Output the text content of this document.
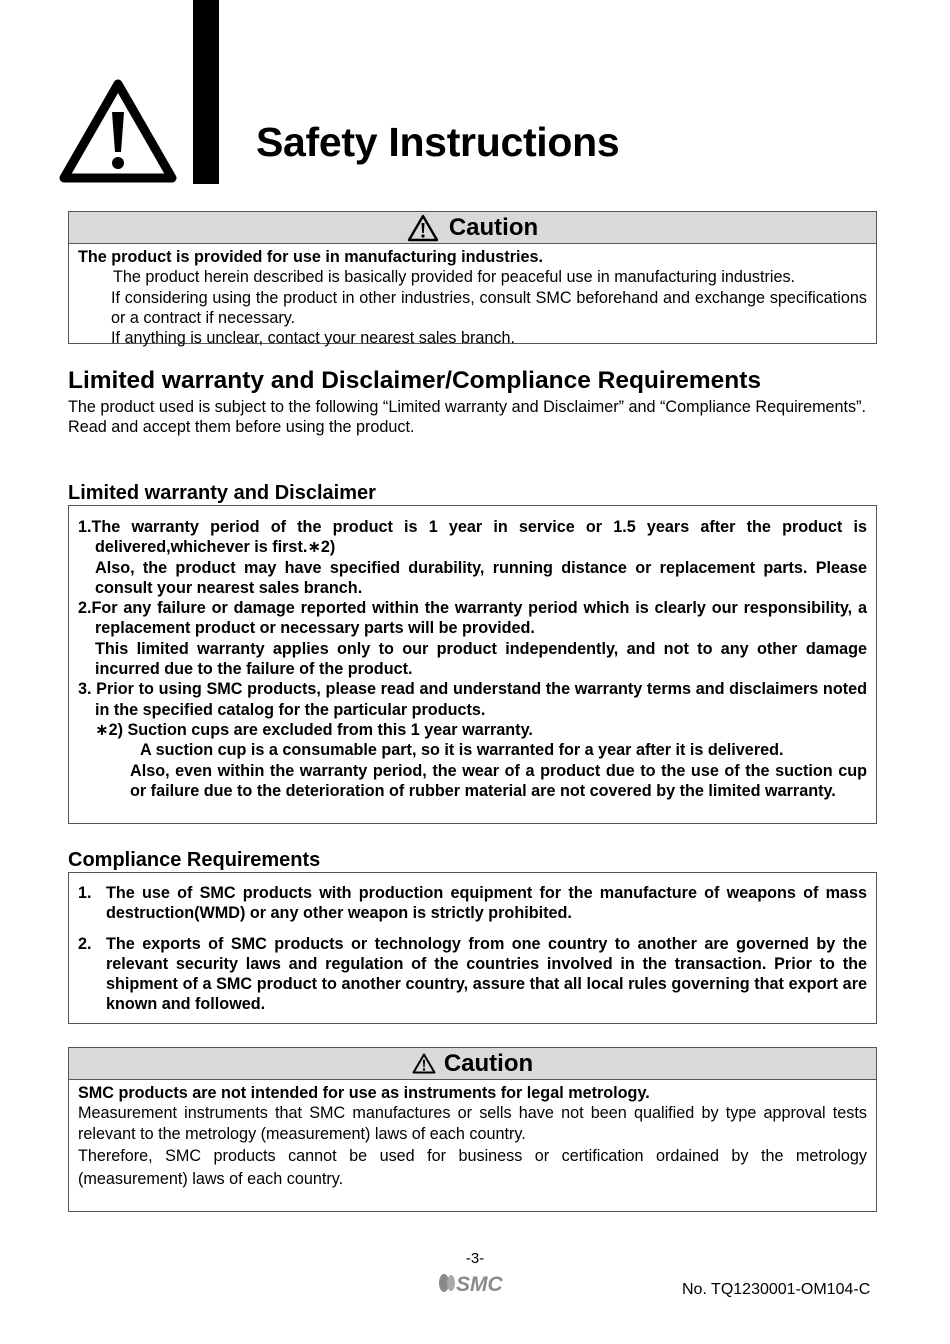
Safety Instructions
Caution
The product is provided for use in manufacturing industries.
The product herein described is basically provided for peaceful use in manufacturing industries.
If considering using the product in other industries, consult SMC beforehand and exchange specifications or a contract if necessary.
If anything is unclear, contact your nearest sales branch.
Limited warranty and Disclaimer/Compliance Requirements
The product used is subject to the following “Limited warranty and Disclaimer” and “Compliance Requirements”.
Read and accept them before using the product.
Limited warranty and Disclaimer
1.The warranty period of the product is 1 year in service or 1.5 years after the product is delivered,whichever is first.∗2)
Also, the product may have specified durability, running distance or replacement parts. Please consult your nearest sales branch.
2.For any failure or damage reported within the warranty period which is clearly our responsibility, a replacement product or necessary parts will be provided.
This limited warranty applies only to our product independently, and not to any other damage incurred due to the failure of the product.
3. Prior to using SMC products, please read and understand the warranty terms and disclaimers noted in the specified catalog for the particular products.
∗2) Suction cups are excluded from this 1 year warranty.
A suction cup is a consumable part, so it is warranted for a year after it is delivered.
Also, even within the warranty period, the wear of a product due to the use of the suction cup or failure due to the deterioration of rubber material are not covered by the limited warranty.
Compliance Requirements
1. The use of SMC products with production equipment for the manufacture of weapons of mass destruction(WMD) or any other weapon is strictly prohibited.
2. The exports of SMC products or technology from one country to another are governed by the relevant security laws and regulation of the countries involved in the transaction. Prior to the shipment of a SMC product to another country, assure that all local rules governing that export are known and followed.
Caution
SMC products are not intended for use as instruments for legal metrology.
Measurement instruments that SMC manufactures or sells have not been qualified by type approval tests relevant to the metrology (measurement) laws of each country.
Therefore, SMC products cannot be used for business or certification ordained by the metrology (measurement) laws of each country.
-3-
SMC	No. TQ1230001-OM104-C
